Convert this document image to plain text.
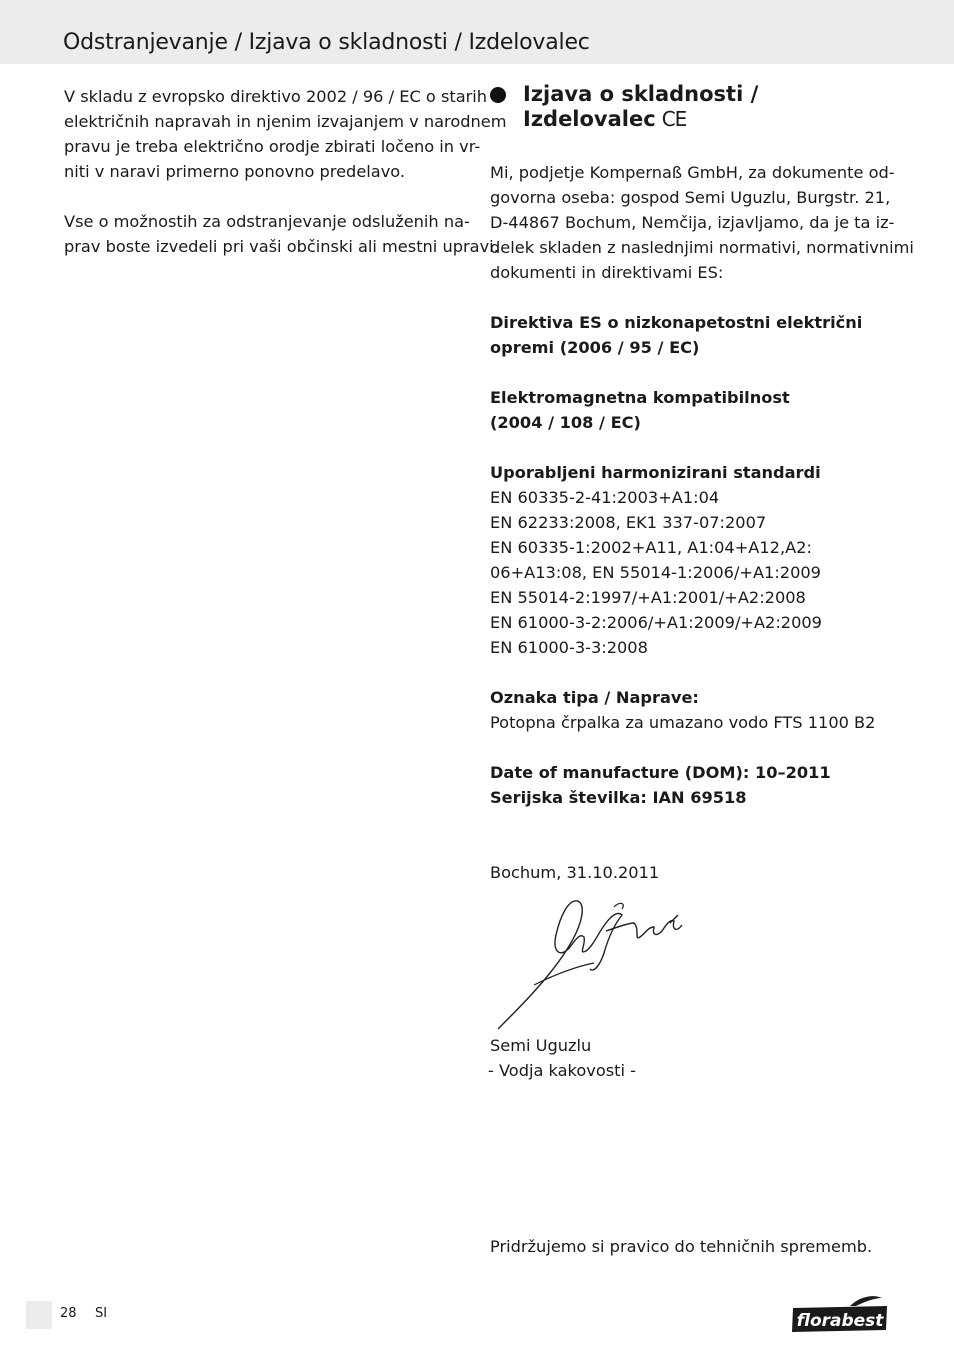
Odstranjevanje / Izjava o skladnosti / Izdelovalec

V skladu z evropsko direktivo 2002 / 96 / EC o starih
električnih napravah in njenim izvajanjem v narodnem
pravu je treba električno orodje zbirati ločeno in vr-
niti v naravi primerno ponovno predelavo.

Vse o možnostih za odstranjevanje odsluženih na-
prav boste izvedeli pri vaši občinski ali mestni upravi.

Izjava o skladnosti /
Izdelovalec CE
Mi, podjetje Kompernaß GmbH, za dokumente od-
govorna oseba: gospod Semi Uguzlu, Burgstr. 21,
D-44867 Bochum, Nemčija, izjavljamo, da je ta iz-
delek skladen z naslednjimi normativi, normativnimi
dokumenti in direktivami ES:
Direktiva ES o nizkonapetostni električni
opremi (2006 / 95 / EC)
Elektromagnetna kompatibilnost
(2004 / 108 / EC)
Uporabljeni harmonizirani standardi
EN 60335-2-41:2003+A1:04
EN 62233:2008, EK1 337-07:2007
EN 60335-1:2002+A11, A1:04+A12,A2:
06+A13:08, EN 55014-1:2006/+A1:2009
EN 55014-2:1997/+A1:2001/+A2:2008
EN 61000-3-2:2006/+A1:2009/+A2:2009
EN 61000-3-3:2008
Oznaka tipa / Naprave:
Potopna črpalka za umazano vodo FTS 1100 B2
Date of manufacture (DOM): 10–2011
Serijska številka: IAN 69518
Bochum, 31.10.2011
Semi Uguzlu
- Vodja kakovosti -
Pridržujemo si pravico do tehničnih sprememb.
28 SI	florabest
